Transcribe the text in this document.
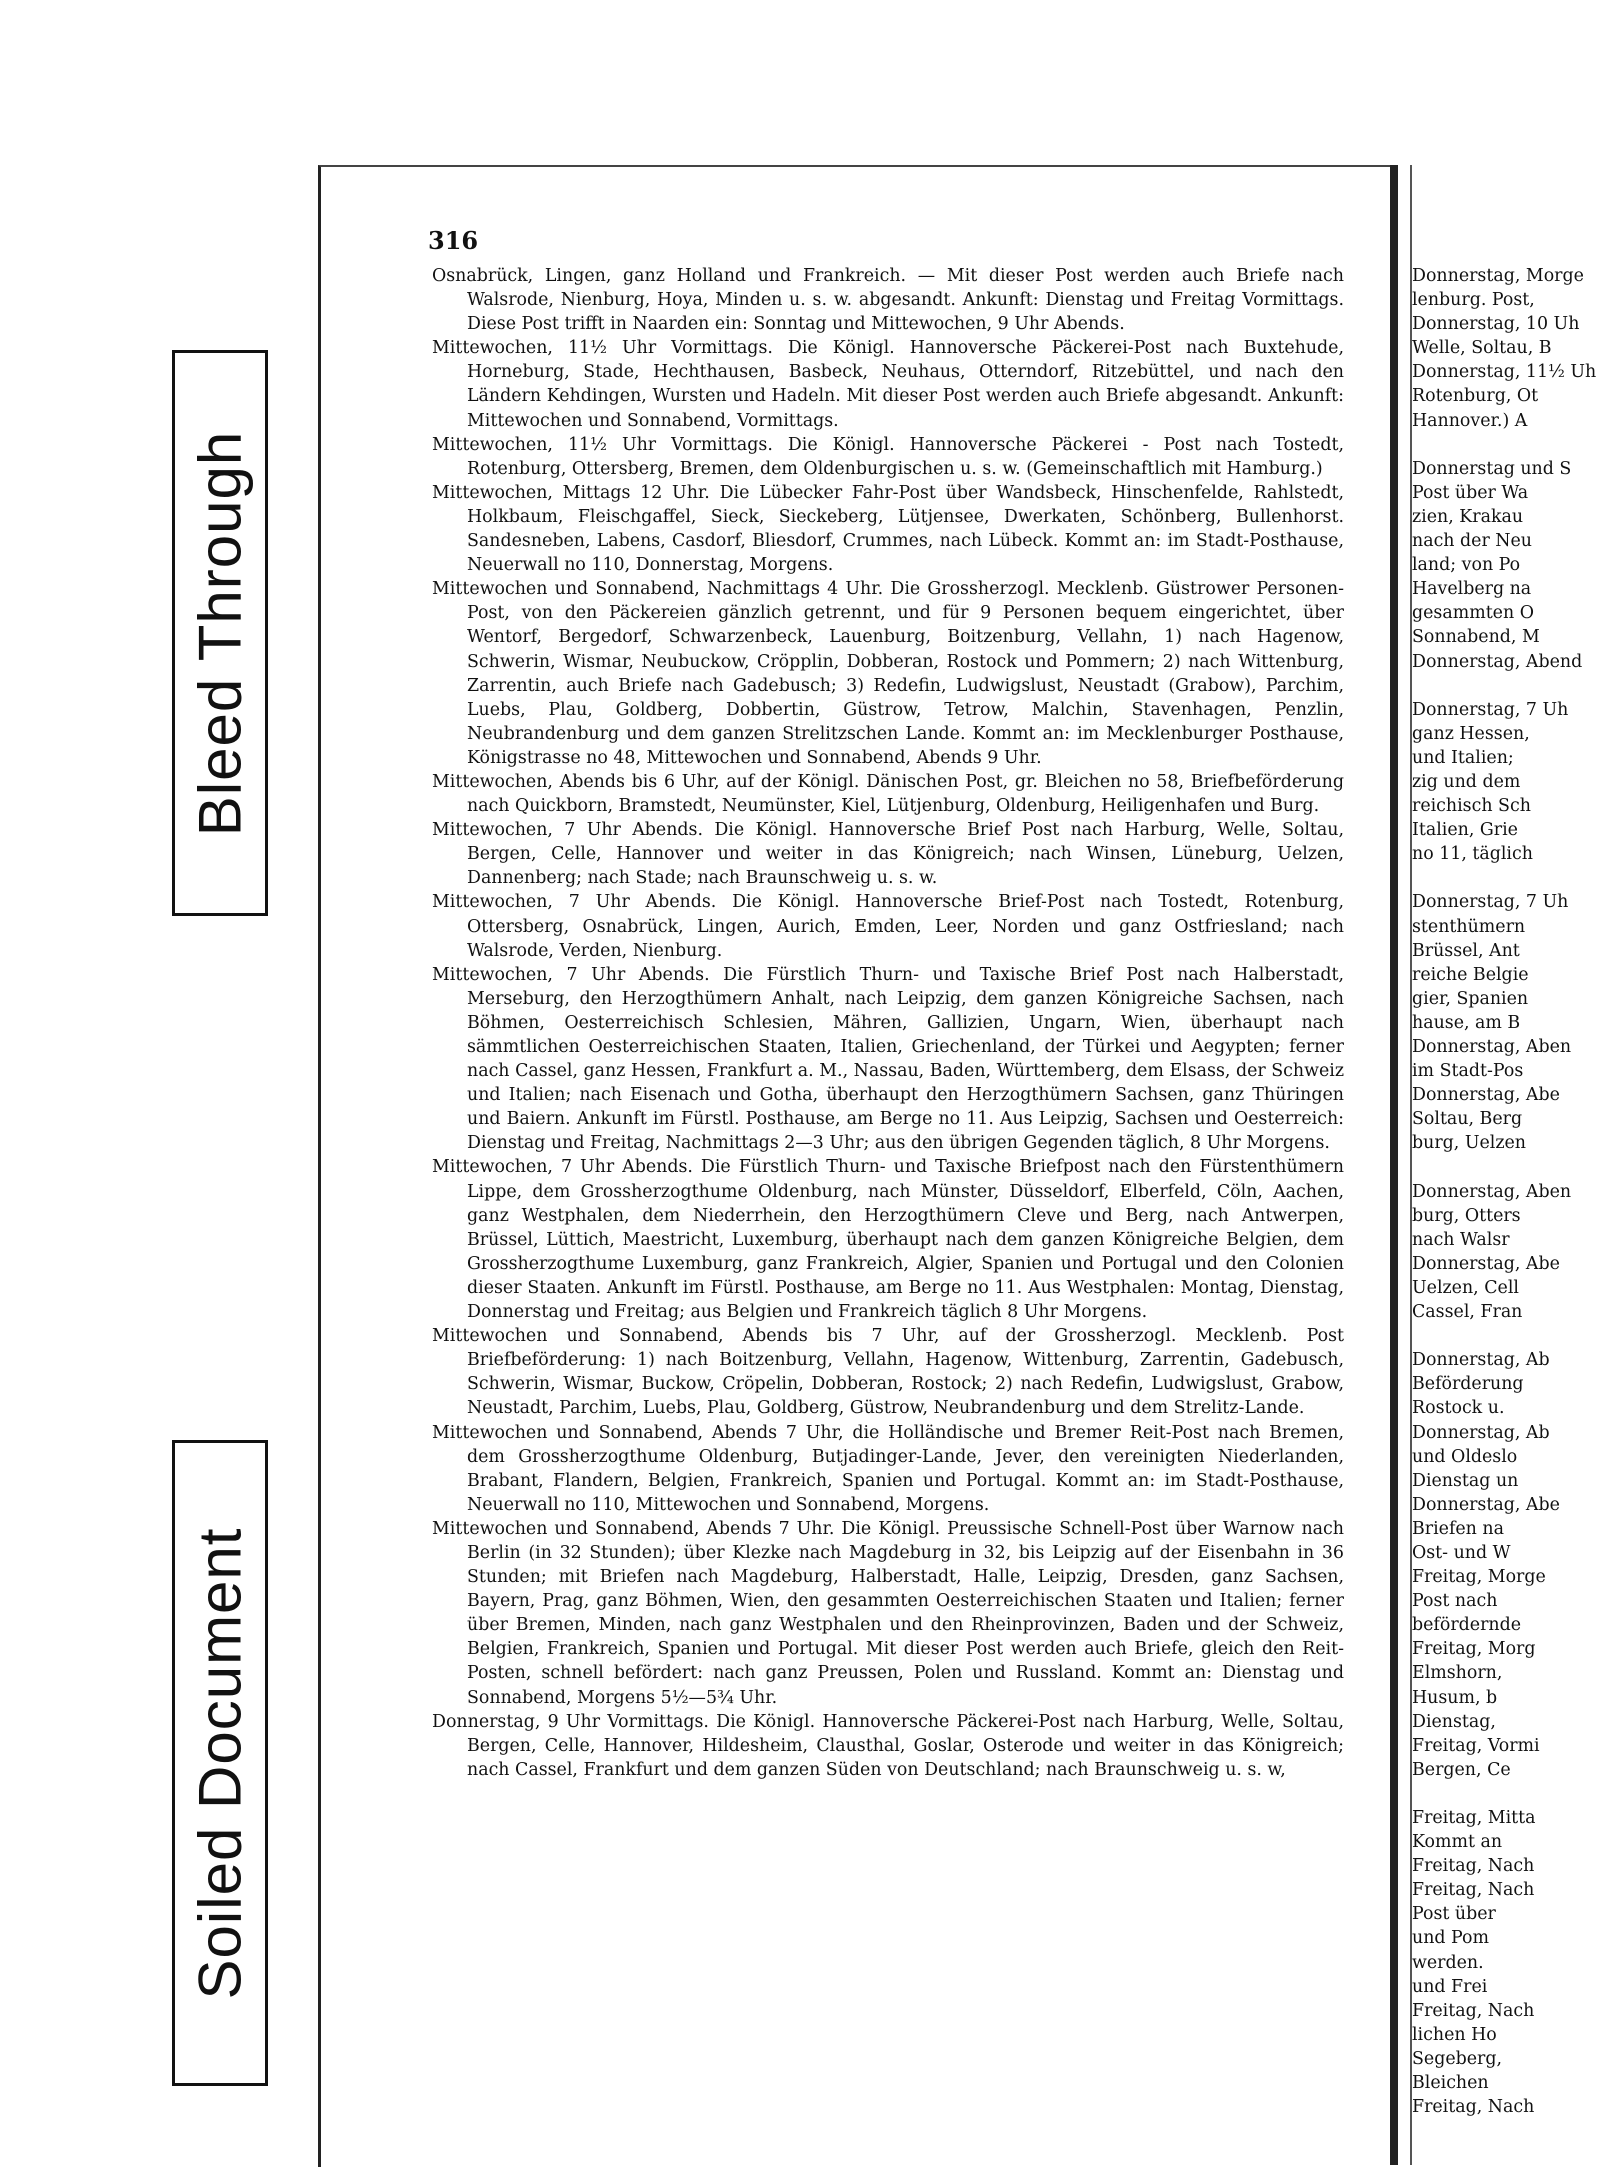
Bleed Through
Soiled Document
316

Osnabrück, Lingen, ganz Holland und Frankreich. — Mit dieser Post werden auch Briefe nach Walsrode, Nienburg, Hoya, Minden u. s. w. abgesandt. Ankunft: Dienstag und Freitag Vormittags. Diese Post trifft in Naarden ein: Sonntag und Mittewochen, 9 Uhr Abends.

Mittewochen, 11½ Uhr Vormittags. Die Königl. Hannoversche Päckerei-Post nach Buxtehude, Horneburg, Stade, Hechthausen, Basbeck, Neuhaus, Otterndorf, Ritzebüttel, und nach den Ländern Kehdingen, Wursten und Hadeln. Mit dieser Post werden auch Briefe abgesandt. Ankunft: Mittewochen und Sonnabend, Vormittags.

Mittewochen, 11½ Uhr Vormittags. Die Königl. Hannoversche Päckerei - Post nach Tostedt, Rotenburg, Ottersberg, Bremen, dem Oldenburgischen u. s. w. (Gemeinschaftlich mit Hamburg.)

Mittewochen, Mittags 12 Uhr. Die Lübecker Fahr-Post über Wandsbeck, Hinschenfelde, Rahlstedt, Holkbaum, Fleischgaffel, Sieck, Sieckeberg, Lütjensee, Dwerkaten, Schönberg, Bullenhorst. Sandesneben, Labens, Casdorf, Bliesdorf, Crummes, nach Lübeck. Kommt an: im Stadt-Posthause, Neuerwall no 110, Donnerstag, Morgens.

Mittewochen und Sonnabend, Nachmittags 4 Uhr. Die Grossherzogl. Mecklenb. Güstrower Personen-Post, von den Päckereien gänzlich getrennt, und für 9 Personen bequem eingerichtet, über Wentorf, Bergedorf, Schwarzenbeck, Lauenburg, Boitzenburg, Vellahn, 1) nach Hagenow, Schwerin, Wismar, Neubuckow, Cröpplin, Dobberan, Rostock und Pommern; 2) nach Wittenburg, Zarrentin, auch Briefe nach Gadebusch; 3) Redefin, Ludwigslust, Neustadt (Grabow), Parchim, Luebs, Plau, Goldberg, Dobbertin, Güstrow, Tetrow, Malchin, Stavenhagen, Penzlin, Neubrandenburg und dem ganzen Strelitzschen Lande. Kommt an: im Mecklenburger Posthause, Königstrasse no 48, Mittewochen und Sonnabend, Abends 9 Uhr.

Mittewochen, Abends bis 6 Uhr, auf der Königl. Dänischen Post, gr. Bleichen no 58, Briefbeförderung nach Quickborn, Bramstedt, Neumünster, Kiel, Lütjenburg, Oldenburg, Heiligenhafen und Burg.

Mittewochen, 7 Uhr Abends. Die Königl. Hannoversche Brief Post nach Harburg, Welle, Soltau, Bergen, Celle, Hannover und weiter in das Königreich; nach Winsen, Lüneburg, Uelzen, Dannenberg; nach Stade; nach Braunschweig u. s. w.

Mittewochen, 7 Uhr Abends. Die Königl. Hannoversche Brief-Post nach Tostedt, Rotenburg, Ottersberg, Osnabrück, Lingen, Aurich, Emden, Leer, Norden und ganz Ostfriesland; nach Walsrode, Verden, Nienburg.

Mittewochen, 7 Uhr Abends. Die Fürstlich Thurn- und Taxische Brief Post nach Halberstadt, Merseburg, den Herzogthümern Anhalt, nach Leipzig, dem ganzen Königreiche Sachsen, nach Böhmen, Oesterreichisch Schlesien, Mähren, Gallizien, Ungarn, Wien, überhaupt nach sämmtlichen Oesterreichischen Staaten, Italien, Griechenland, der Türkei und Aegypten; ferner nach Cassel, ganz Hessen, Frankfurt a. M., Nassau, Baden, Württemberg, dem Elsass, der Schweiz und Italien; nach Eisenach und Gotha, überhaupt den Herzogthümern Sachsen, ganz Thüringen und Baiern. Ankunft im Fürstl. Posthause, am Berge no 11. Aus Leipzig, Sachsen und Oesterreich: Dienstag und Freitag, Nachmittags 2—3 Uhr; aus den übrigen Gegenden täglich, 8 Uhr Morgens.

Mittewochen, 7 Uhr Abends. Die Fürstlich Thurn- und Taxische Briefpost nach den Fürstenthümern Lippe, dem Grossherzogthume Oldenburg, nach Münster, Düsseldorf, Elberfeld, Cöln, Aachen, ganz Westphalen, dem Niederrhein, den Herzogthümern Cleve und Berg, nach Antwerpen, Brüssel, Lüttich, Maestricht, Luxemburg, überhaupt nach dem ganzen Königreiche Belgien, dem Grossherzogthume Luxemburg, ganz Frankreich, Algier, Spanien und Portugal und den Colonien dieser Staaten. Ankunft im Fürstl. Posthause, am Berge no 11. Aus Westphalen: Montag, Dienstag, Donnerstag und Freitag; aus Belgien und Frankreich täglich 8 Uhr Morgens.

Mittewochen und Sonnabend, Abends bis 7 Uhr, auf der Grossherzogl. Mecklenb. Post Briefbeförderung: 1) nach Boitzenburg, Vellahn, Hagenow, Wittenburg, Zarrentin, Gadebusch, Schwerin, Wismar, Buckow, Cröpelin, Dobberan, Rostock; 2) nach Redefin, Ludwigslust, Grabow, Neustadt, Parchim, Luebs, Plau, Goldberg, Güstrow, Neubrandenburg und dem Strelitz-Lande.

Mittewochen und Sonnabend, Abends 7 Uhr, die Holländische und Bremer Reit-Post nach Bremen, dem Grossherzogthume Oldenburg, Butjadinger-Lande, Jever, den vereinigten Niederlanden, Brabant, Flandern, Belgien, Frankreich, Spanien und Portugal. Kommt an: im Stadt-Posthause, Neuerwall no 110, Mittewochen und Sonnabend, Morgens.

Mittewochen und Sonnabend, Abends 7 Uhr. Die Königl. Preussische Schnell-Post über Warnow nach Berlin (in 32 Stunden); über Klezke nach Magdeburg in 32, bis Leipzig auf der Eisenbahn in 36 Stunden; mit Briefen nach Magdeburg, Halberstadt, Halle, Leipzig, Dresden, ganz Sachsen, Bayern, Prag, ganz Böhmen, Wien, den gesammten Oesterreichischen Staaten und Italien; ferner über Bremen, Minden, nach ganz Westphalen und den Rheinprovinzen, Baden und der Schweiz, Belgien, Frankreich, Spanien und Portugal. Mit dieser Post werden auch Briefe, gleich den Reit-Posten, schnell befördert: nach ganz Preussen, Polen und Russland. Kommt an: Dienstag und Sonnabend, Morgens 5½—5¾ Uhr.

Donnerstag, 9 Uhr Vormittags. Die Königl. Hannoversche Päckerei-Post nach Harburg, Welle, Soltau, Bergen, Celle, Hannover, Hildesheim, Clausthal, Goslar, Osterode und weiter in das Königreich; nach Cassel, Frankfurt und dem ganzen Süden von Deutschland; nach Braunschweig u. s. w,

Donnerstag, Morge

lenburg. Post,

Donnerstag, 10 Uh

Welle, Soltau, B

Donnerstag, 11½ Uh

Rotenburg, Ot

Hannover.) A

Donnerstag und S

Post über Wa

zien, Krakau

nach der Neu

land; von Po

Havelberg na

gesammten O

Sonnabend, M

Donnerstag, Abend

Donnerstag, 7 Uh

ganz Hessen,

und Italien;

zig und dem

reichisch Sch

Italien, Grie

no 11, täglich

Donnerstag, 7 Uh

stenthümern

Brüssel, Ant

reiche Belgie

gier, Spanien

hause, am B

Donnerstag, Aben

im Stadt-Pos

Donnerstag, Abe

Soltau, Berg

burg, Uelzen

Donnerstag, Aben

burg, Otters

nach Walsr

Donnerstag, Abe

Uelzen, Cell

Cassel, Fran

Donnerstag, Ab

Beförderung

Rostock u.

Donnerstag, Ab

und Oldeslo

Dienstag un

Donnerstag, Abe

Briefen na

Ost- und W

Freitag, Morge

Post nach

befördernde

Freitag, Morg

Elmshorn,

Husum, b

Dienstag,

Freitag, Vormi

Bergen, Ce

Freitag, Mitta

Kommt an

Freitag, Nach

Freitag, Nach

Post über

und Pom

werden.

und Frei

Freitag, Nach

lichen Ho

Segeberg,

Bleichen

Freitag, Nach
